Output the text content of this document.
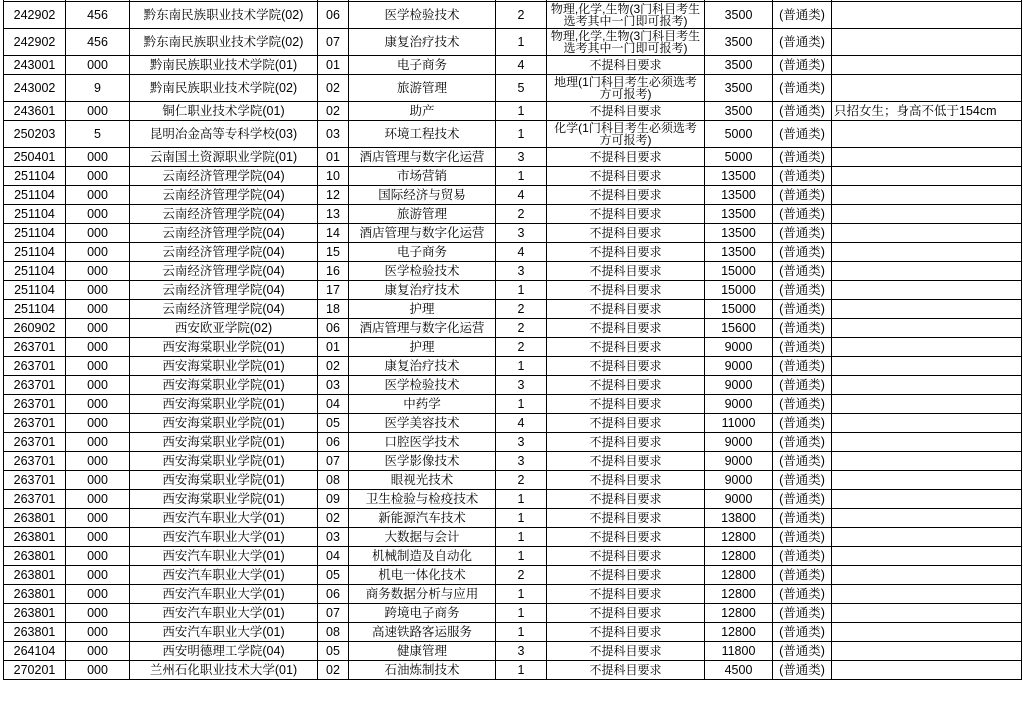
242902	456	黔东南民族职业技术学院(02)	06	医学检验技术	2	物理,化学,生物(3门科目考生选考其中一门即可报考)	3500	(普通类)	
242902	456	黔东南民族职业技术学院(02)	07	康复治疗技术	1	物理,化学,生物(3门科目考生选考其中一门即可报考)	3500	(普通类)	
243001	000	黔南民族职业技术学院(01)	01	电子商务	4	不提科目要求	3500	(普通类)	
243002	9	黔南民族职业技术学院(02)	02	旅游管理	5	地理(1门科目考生必须选考方可报考)	3500	(普通类)	
243601	000	铜仁职业技术学院(01)	02	助产	1	不提科目要求	3500	(普通类)	只招女生；身高不低于154cm
250203	5	昆明冶金高等专科学校(03)	03	环境工程技术	1	化学(1门科目考生必须选考方可报考)	5000	(普通类)	
250401	000	云南国土资源职业学院(01)	01	酒店管理与数字化运营	3	不提科目要求	5000	(普通类)	
251104	000	云南经济管理学院(04)	10	市场营销	1	不提科目要求	13500	(普通类)	
251104	000	云南经济管理学院(04)	12	国际经济与贸易	4	不提科目要求	13500	(普通类)	
251104	000	云南经济管理学院(04)	13	旅游管理	2	不提科目要求	13500	(普通类)	
251104	000	云南经济管理学院(04)	14	酒店管理与数字化运营	3	不提科目要求	13500	(普通类)	
251104	000	云南经济管理学院(04)	15	电子商务	4	不提科目要求	13500	(普通类)	
251104	000	云南经济管理学院(04)	16	医学检验技术	3	不提科目要求	15000	(普通类)	
251104	000	云南经济管理学院(04)	17	康复治疗技术	1	不提科目要求	15000	(普通类)	
251104	000	云南经济管理学院(04)	18	护理	2	不提科目要求	15000	(普通类)	
260902	000	西安欧亚学院(02)	06	酒店管理与数字化运营	2	不提科目要求	15600	(普通类)	
263701	000	西安海棠职业学院(01)	01	护理	2	不提科目要求	9000	(普通类)	
263701	000	西安海棠职业学院(01)	02	康复治疗技术	1	不提科目要求	9000	(普通类)	
263701	000	西安海棠职业学院(01)	03	医学检验技术	3	不提科目要求	9000	(普通类)	
263701	000	西安海棠职业学院(01)	04	中药学	1	不提科目要求	9000	(普通类)	
263701	000	西安海棠职业学院(01)	05	医学美容技术	4	不提科目要求	11000	(普通类)	
263701	000	西安海棠职业学院(01)	06	口腔医学技术	3	不提科目要求	9000	(普通类)	
263701	000	西安海棠职业学院(01)	07	医学影像技术	3	不提科目要求	9000	(普通类)	
263701	000	西安海棠职业学院(01)	08	眼视光技术	2	不提科目要求	9000	(普通类)	
263701	000	西安海棠职业学院(01)	09	卫生检验与检疫技术	1	不提科目要求	9000	(普通类)	
263801	000	西安汽车职业大学(01)	02	新能源汽车技术	1	不提科目要求	13800	(普通类)	
263801	000	西安汽车职业大学(01)	03	大数据与会计	1	不提科目要求	12800	(普通类)	
263801	000	西安汽车职业大学(01)	04	机械制造及自动化	1	不提科目要求	12800	(普通类)	
263801	000	西安汽车职业大学(01)	05	机电一体化技术	2	不提科目要求	12800	(普通类)	
263801	000	西安汽车职业大学(01)	06	商务数据分析与应用	1	不提科目要求	12800	(普通类)	
263801	000	西安汽车职业大学(01)	07	跨境电子商务	1	不提科目要求	12800	(普通类)	
263801	000	西安汽车职业大学(01)	08	高速铁路客运服务	1	不提科目要求	12800	(普通类)	
264104	000	西安明德理工学院(04)	05	健康管理	3	不提科目要求	11800	(普通类)	
270201	000	兰州石化职业技术大学(01)	02	石油炼制技术	1	不提科目要求	4500	(普通类)	
